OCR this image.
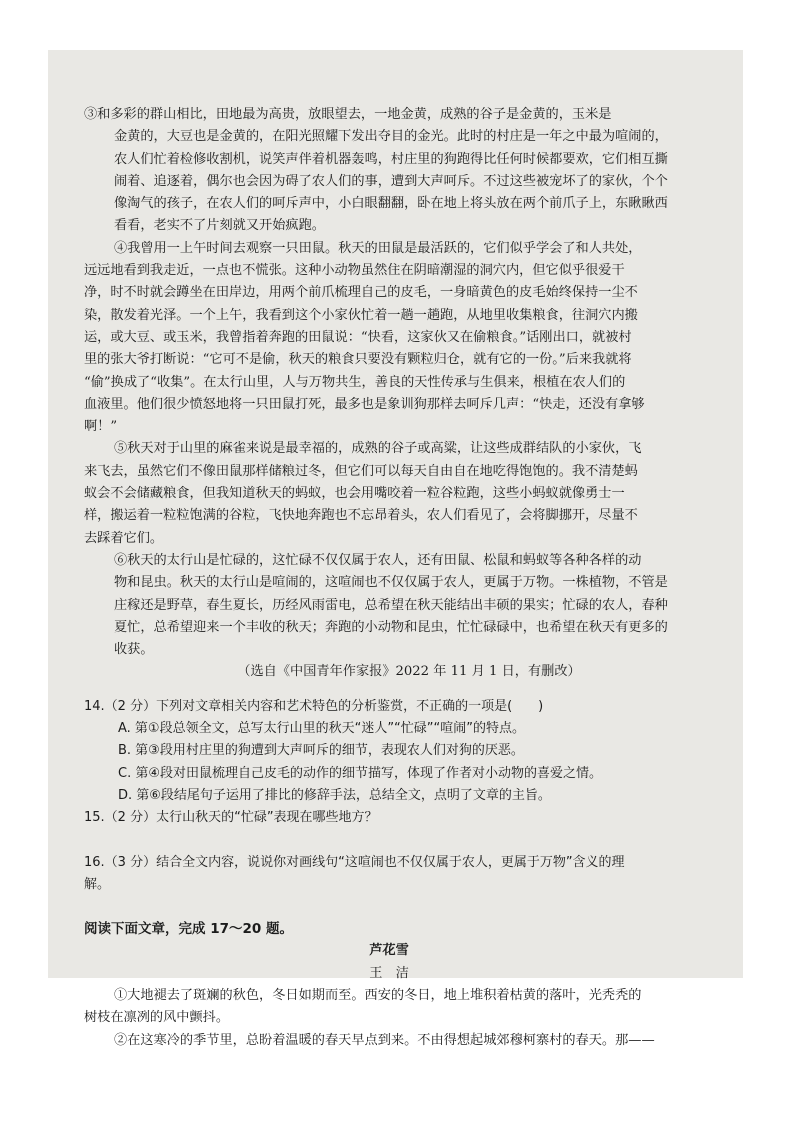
③和多彩的群山相比，田地最为高贵，放眼望去，一地金黄，成熟的谷子是金黄的，玉米是

金黄的，大豆也是金黄的，在阳光照耀下发出夺目的金光。此时的村庄是一年之中最为喧闹的，

农人们忙着检修收割机，说笑声伴着机器轰鸣，村庄里的狗跑得比任何时候都要欢，它们相互撕

闹着、追逐着，偶尔也会因为碍了农人们的事，遭到大声呵斥。不过这些被宠坏了的家伙，个个

像淘气的孩子，在农人们的呵斥声中，小白眼翻翻，卧在地上将头放在两个前爪子上，东瞅瞅西

看看，老实不了片刻就又开始疯跑。

④我曾用一上午时间去观察一只田鼠。秋天的田鼠是最活跃的，它们似乎学会了和人共处，

远远地看到我走近，一点也不慌张。这种小动物虽然住在阴暗潮湿的洞穴内，但它似乎很爱干

净，时不时就会蹲坐在田岸边，用两个前爪梳理自己的皮毛，一身暗黄色的皮毛始终保持一尘不

染，散发着光泽。一个上午，我看到这个小家伙忙着一趟一趟跑，从地里收集粮食，往洞穴内搬

运，或大豆、或玉米，我曾指着奔跑的田鼠说：“快看，这家伙又在偷粮食。”话刚出口，就被村

里的张大爷打断说：“它可不是偷，秋天的粮食只要没有颗粒归仓，就有它的一份。”后来我就将

“偷”换成了“收集”。在太行山里，人与万物共生，善良的天性传承与生俱来，根植在农人们的

血液里。他们很少愤怒地将一只田鼠打死，最多也是象训狗那样去呵斥几声：“快走，还没有拿够

啊！”

⑤秋天对于山里的麻雀来说是最幸福的，成熟的谷子或高粱，让这些成群结队的小家伙，飞

来飞去，虽然它们不像田鼠那样储粮过冬，但它们可以每天自由自在地吃得饱饱的。我不清楚蚂

蚁会不会储藏粮食，但我知道秋天的蚂蚁，也会用嘴咬着一粒谷粒跑，这些小蚂蚁就像勇士一

样，搬运着一粒粒饱满的谷粒，飞快地奔跑也不忘昂着头，农人们看见了，会将脚挪开，尽量不

去踩着它们。

⑥秋天的太行山是忙碌的，这忙碌不仅仅属于农人，还有田鼠、松鼠和蚂蚁等各种各样的动

物和昆虫。秋天的太行山是喧闹的，这喧闹也不仅仅属于农人，更属于万物。一株植物，不管是

庄稼还是野草，春生夏长，历经风雨雷电，总希望在秋天能结出丰硕的果实；忙碌的农人，春种

夏忙，总希望迎来一个丰收的秋天；奔跑的小动物和昆虫，忙忙碌碌中，也希望在秋天有更多的

收获。

（选自《中国青年作家报》2022 年 11 月 1 日，有删改）

14.（2 分）下列对文章相关内容和艺术特色的分析鉴赏，不正确的一项是(　　)

A. 第①段总领全文，总写太行山里的秋天“迷人”“忙碌”“喧闹”的特点。

B. 第③段用村庄里的狗遭到大声呵斥的细节，表现农人们对狗的厌恶。

C. 第④段对田鼠梳理自己皮毛的动作的细节描写，体现了作者对小动物的喜爱之情。

D. 第⑥段结尾句子运用了排比的修辞手法，总结全文，点明了文章的主旨。

15.（2 分）太行山秋天的“忙碌”表现在哪些地方？

16.（3 分）结合全文内容，说说你对画线句“这喧闹也不仅仅属于农人，更属于万物”含义的理

解。

阅读下面文章，完成 17～20 题。

芦花雪

王　洁

①大地褪去了斑斓的秋色，冬日如期而至。西安的冬日，地上堆积着枯黄的落叶，光秃秃的

树枝在凛冽的风中颤抖。

②在这寒冷的季节里，总盼着温暖的春天早点到来。不由得想起城郊穆柯寨村的春天。那——
